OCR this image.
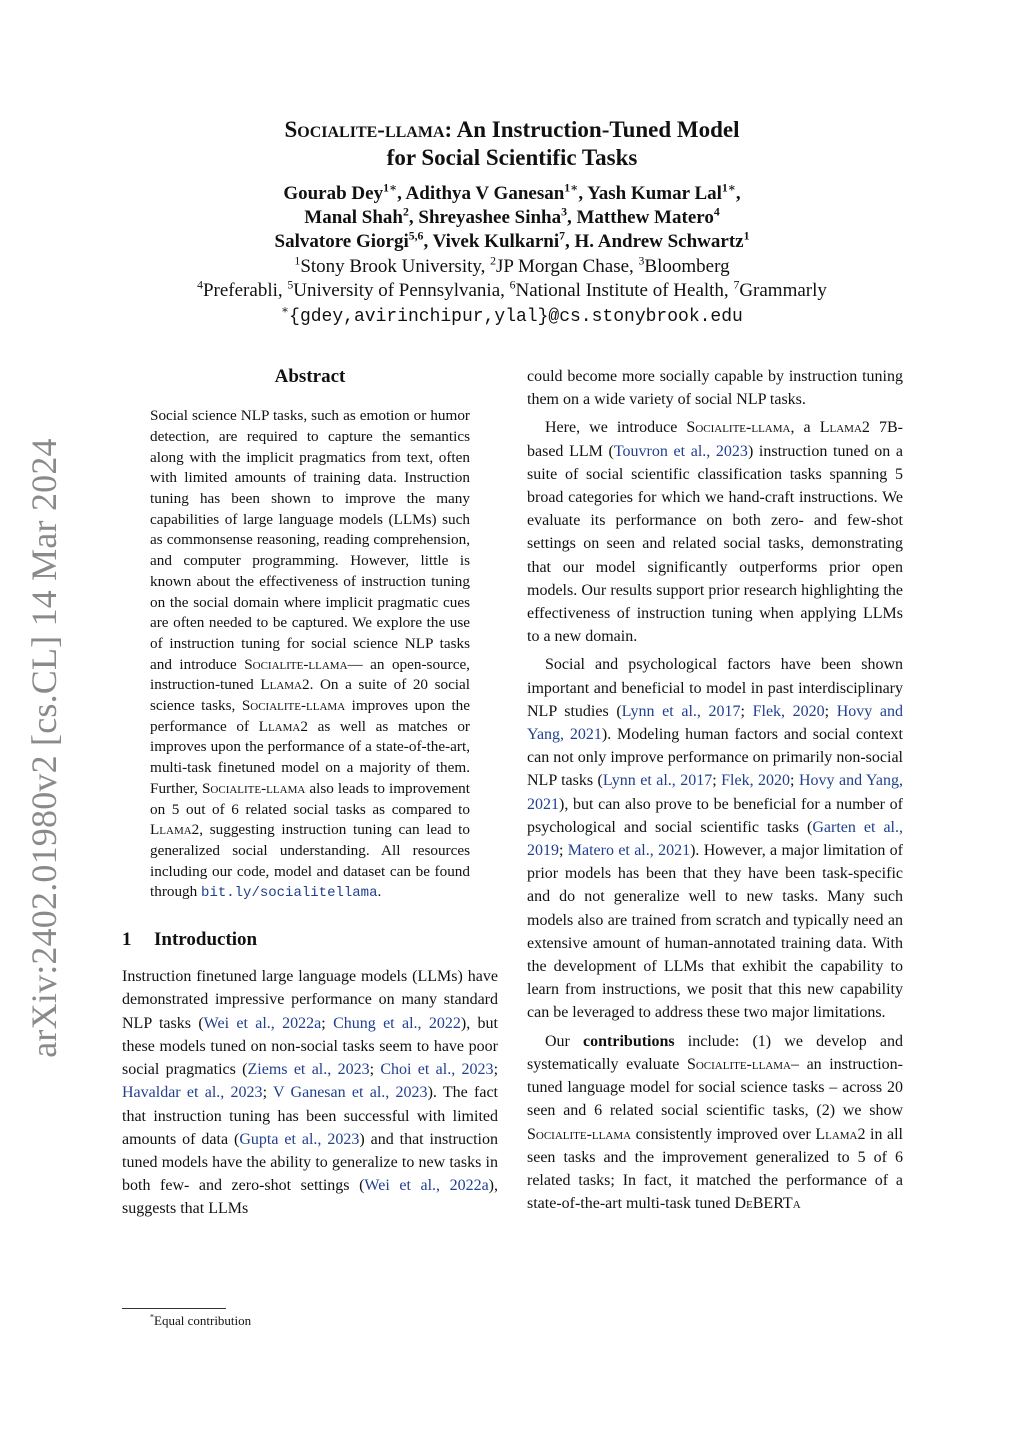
arXiv:2402.01980v2 [cs.CL] 14 Mar 2024
Socialite-llama: An Instruction-Tuned Model
for Social Scientific Tasks
Gourab Dey$^{1∗}$, Adithya V Ganesan$^{1∗}$, Yash Kumar Lal$^{1∗}$,
Manal Shah$^2$, Shreyashee Sinha$^3$, Matthew Matero$^4$
Salvatore Giorgi$^{5,6}$, Vivek Kulkarni$^7$, H. Andrew Schwartz$^1$
$^1$Stony Brook University, $^2$JP Morgan Chase, $^3$Bloomberg
$^4$Preferabli, $^5$University of Pennsylvania, $^6$National Institute of Health, $^7$Grammarly
∗{gdey,avirinchipur,ylal}@cs.stonybrook.edu
Abstract
Social science NLP tasks, such as emotion or humor detection, are required to capture the semantics along with the implicit pragmatics from text, often with limited amounts of training data. Instruction tuning has been shown to improve the many capabilities of large language models (LLMs) such as commonsense reasoning, reading comprehension, and computer programming. However, little is known about the effectiveness of instruction tuning on the social domain where implicit pragmatic cues are often needed to be captured. We explore the use of instruction tuning for social science NLP tasks and introduce Socialite-llama— an open-source, instruction-tuned Llama2. On a suite of 20 social science tasks, Socialite-llama improves upon the performance of Llama2 as well as matches or improves upon the performance of a state-of-the-art, multi-task finetuned model on a majority of them. Further, Socialite-llama also leads to improvement on 5 out of 6 related social tasks as compared to Llama2, suggesting instruction tuning can lead to generalized social understanding. All resources including our code, model and dataset can be found through bit.ly/socialitellama.
1 Introduction

Instruction finetuned large language models (LLMs) have demonstrated impressive performance on many standard NLP tasks (Wei et al., 2022a; Chung et al., 2022), but these models tuned on non-social tasks seem to have poor social pragmatics (Ziems et al., 2023; Choi et al., 2023; Havaldar et al., 2023; V Ganesan et al., 2023). The fact that instruction tuning has been successful with limited amounts of data (Gupta et al., 2023) and that instruction tuned models have the ability to generalize to new tasks in both few- and zero-shot settings (Wei et al., 2022a), suggests that LLMs

could become more socially capable by instruction tuning them on a wide variety of social NLP tasks.

Here, we introduce Socialite-llama, a Llama2 7B-based LLM (Touvron et al., 2023) instruction tuned on a suite of social scientific classification tasks spanning 5 broad categories for which we hand-craft instructions. We evaluate its performance on both zero- and few-shot settings on seen and related social tasks, demonstrating that our model significantly outperforms prior open models. Our results support prior research highlighting the effectiveness of instruction tuning when applying LLMs to a new domain.

Social and psychological factors have been shown important and beneficial to model in past interdisciplinary NLP studies (Lynn et al., 2017; Flek, 2020; Hovy and Yang, 2021). Modeling human factors and social context can not only improve performance on primarily non-social NLP tasks (Lynn et al., 2017; Flek, 2020; Hovy and Yang, 2021), but can also prove to be beneficial for a number of psychological and social scientific tasks (Garten et al., 2019; Matero et al., 2021). However, a major limitation of prior models has been that they have been task-specific and do not generalize well to new tasks. Many such models also are trained from scratch and typically need an extensive amount of human-annotated training data. With the development of LLMs that exhibit the capability to learn from instructions, we posit that this new capability can be leveraged to address these two major limitations.

Our contributions include: (1) we develop and systematically evaluate Socialite-llama– an instruction-tuned language model for social science tasks – across 20 seen and 6 related social scientific tasks, (2) we show Socialite-llama consistently improved over Llama2 in all seen tasks and the improvement generalized to 5 of 6 related tasks; In fact, it matched the performance of a state-of-the-art multi-task tuned DeBERTa

*Equal contribution
